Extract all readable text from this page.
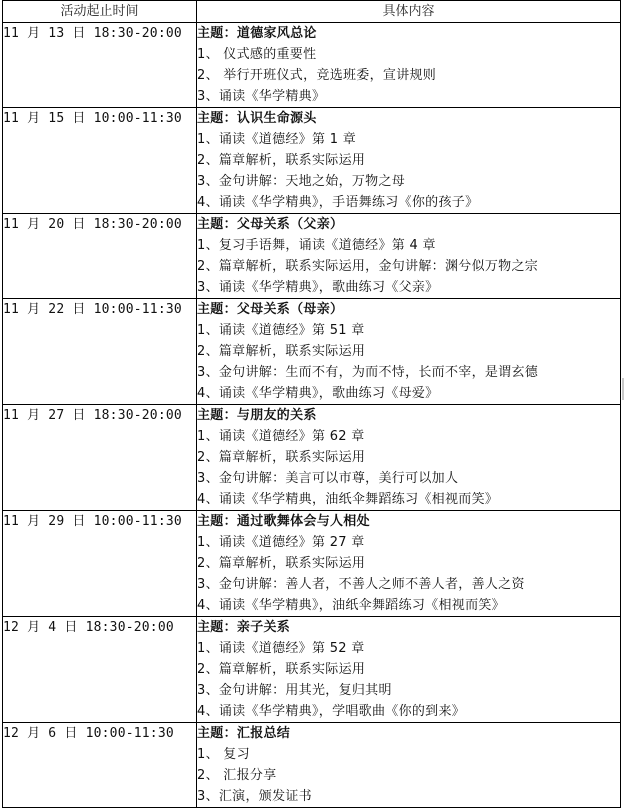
活动起止时间	具体内容
11 月 13 日 18:30-20:00	主题：道德家风总论
1、 仪式感的重要性
2、 举行开班仪式，竞选班委，宣讲规则
3、诵读《华学精典》

11 月 15 日 10:00-11:30	主题：认识生命源头
1、诵读《道德经》第 1 章
2、篇章解析，联系实际运用
3、金句讲解：天地之始，万物之母
4、诵读《华学精典》，手语舞练习《你的孩子》

11 月 20 日 18:30-20:00	主题：父母关系（父亲）
1、复习手语舞，诵读《道德经》第 4 章
2、篇章解析，联系实际运用，金句讲解：渊兮似万物之宗
3、诵读《华学精典》，歌曲练习《父亲》

11 月 22 日 10:00-11:30	主题：父母关系（母亲）
1、诵读《道德经》第 51 章
2、篇章解析，联系实际运用
3、金句讲解：生而不有，为而不恃，长而不宰，是谓玄德
4、诵读《华学精典》，歌曲练习《母爱》

11 月 27 日 18:30-20:00	主题：与朋友的关系
1、诵读《道德经》第 62 章
2、篇章解析，联系实际运用
3、金句讲解：美言可以市尊，美行可以加人
4、诵读《华学精典，油纸伞舞蹈练习《相视而笑》

11 月 29 日 10:00-11:30	主题：通过歌舞体会与人相处
1、诵读《道德经》第 27 章
2、篇章解析，联系实际运用
3、金句讲解：善人者，不善人之师不善人者，善人之资
4、诵读《华学精典》，油纸伞舞蹈练习《相视而笑》

12 月 4 日 18:30-20:00	主题：亲子关系
1、诵读《道德经》第 52 章
2、篇章解析，联系实际运用
3、金句讲解：用其光，复归其明
4、诵读《华学精典》，学唱歌曲《你的到来》

12 月 6 日 10:00-11:30	主题：汇报总结
1、 复习
2、 汇报分享
3、汇演，颁发证书
